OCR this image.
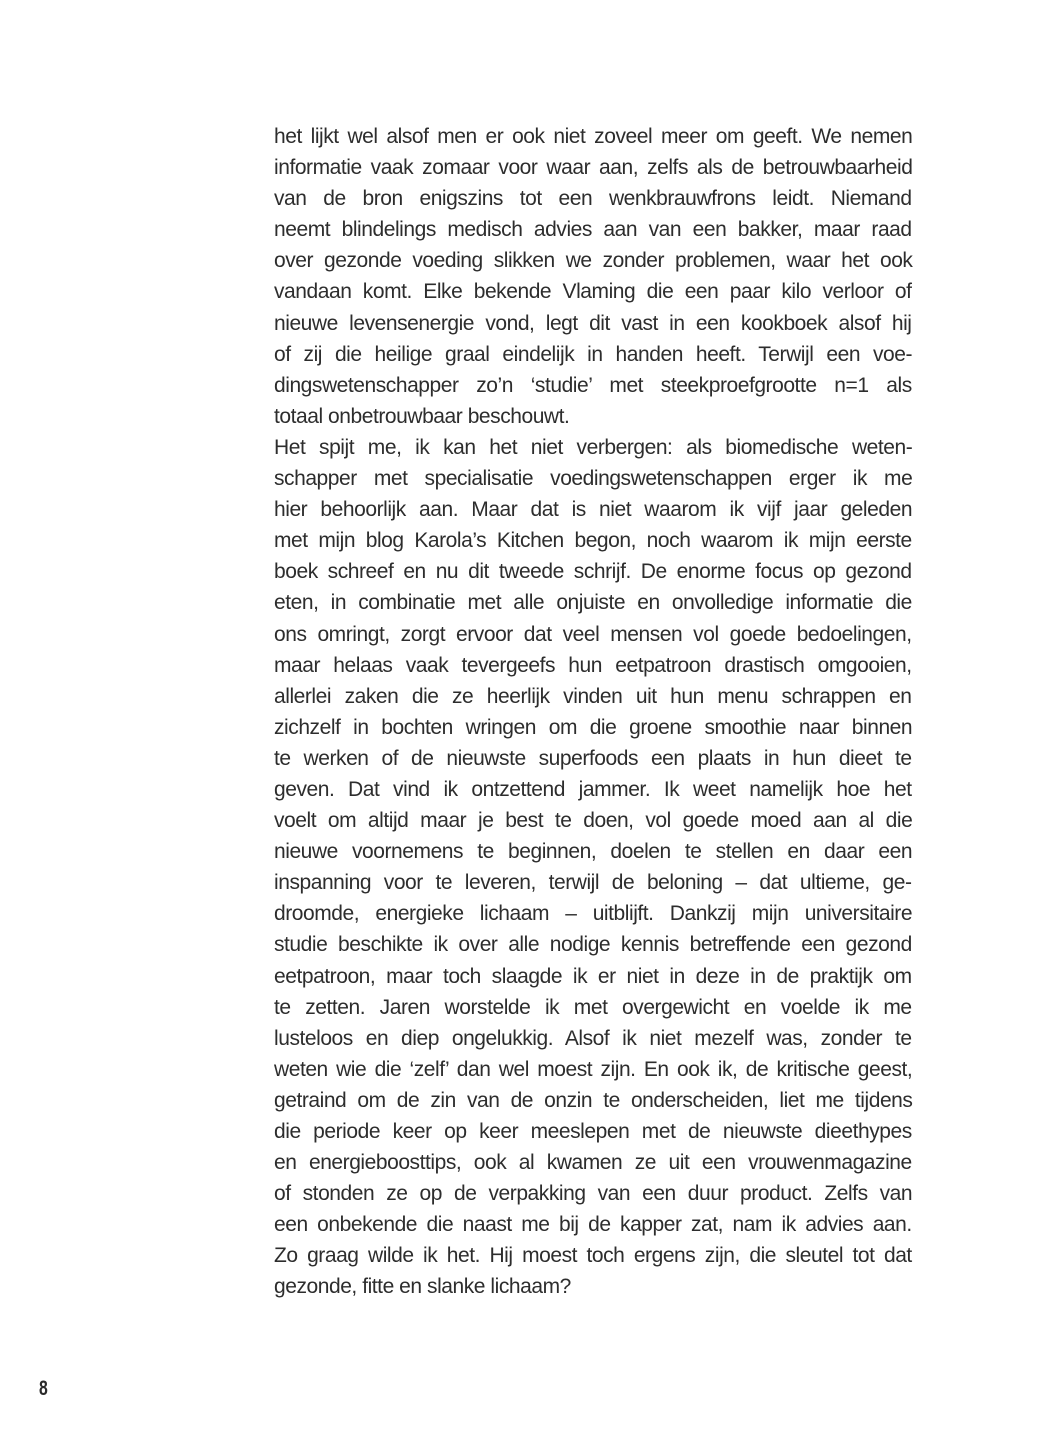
het lijkt wel alsof men er ook niet zoveel meer om geeft. We nemen
informatie vaak zomaar voor waar aan, zelfs als de betrouwbaarheid
van de bron enigszins tot een wenkbrauwfrons leidt. Niemand
neemt blindelings medisch advies aan van een bakker, maar raad
over gezonde voeding slikken we zonder problemen, waar het ook
vandaan komt. Elke bekende Vlaming die een paar kilo verloor of
nieuwe levensenergie vond, legt dit vast in een kookboek alsof hij
of zij die heilige graal eindelijk in handen heeft. Terwijl een voe-
dingswetenschapper zo’n ‘studie’ met steekproefgrootte n=1 als
totaal onbetrouwbaar beschouwt.
Het spijt me, ik kan het niet verbergen: als biomedische weten-
schapper met specialisatie voedingswetenschappen erger ik me
hier behoorlijk aan. Maar dat is niet waarom ik vijf jaar geleden
met mijn blog Karola’s Kitchen begon, noch waarom ik mijn eerste
boek schreef en nu dit tweede schrijf. De enorme focus op gezond
eten, in combinatie met alle onjuiste en onvolledige informatie die
ons omringt, zorgt ervoor dat veel mensen vol goede bedoelingen,
maar helaas vaak tevergeefs hun eetpatroon drastisch omgooien,
allerlei zaken die ze heerlijk vinden uit hun menu schrappen en
zichzelf in bochten wringen om die groene smoothie naar binnen
te werken of de nieuwste superfoods een plaats in hun dieet te
geven. Dat vind ik ontzettend jammer. Ik weet namelijk hoe het
voelt om altijd maar je best te doen, vol goede moed aan al die
nieuwe voornemens te beginnen, doelen te stellen en daar een
inspanning voor te leveren, terwijl de beloning – dat ultieme, ge-
droomde, energieke lichaam – uitblijft. Dankzij mijn universitaire
studie beschikte ik over alle nodige kennis betreffende een gezond
eetpatroon, maar toch slaagde ik er niet in deze in de praktijk om
te zetten. Jaren worstelde ik met overgewicht en voelde ik me
lusteloos en diep ongelukkig. Alsof ik niet mezelf was, zonder te
weten wie die ‘zelf’ dan wel moest zijn. En ook ik, de kritische geest,
getraind om de zin van de onzin te onderscheiden, liet me tijdens
die periode keer op keer meeslepen met de nieuwste dieethypes
en energieboosttips, ook al kwamen ze uit een vrouwenmagazine
of stonden ze op de verpakking van een duur product. Zelfs van
een onbekende die naast me bij de kapper zat, nam ik advies aan.
Zo graag wilde ik het. Hij moest toch ergens zijn, die sleutel tot dat
gezonde, fitte en slanke lichaam?
8
